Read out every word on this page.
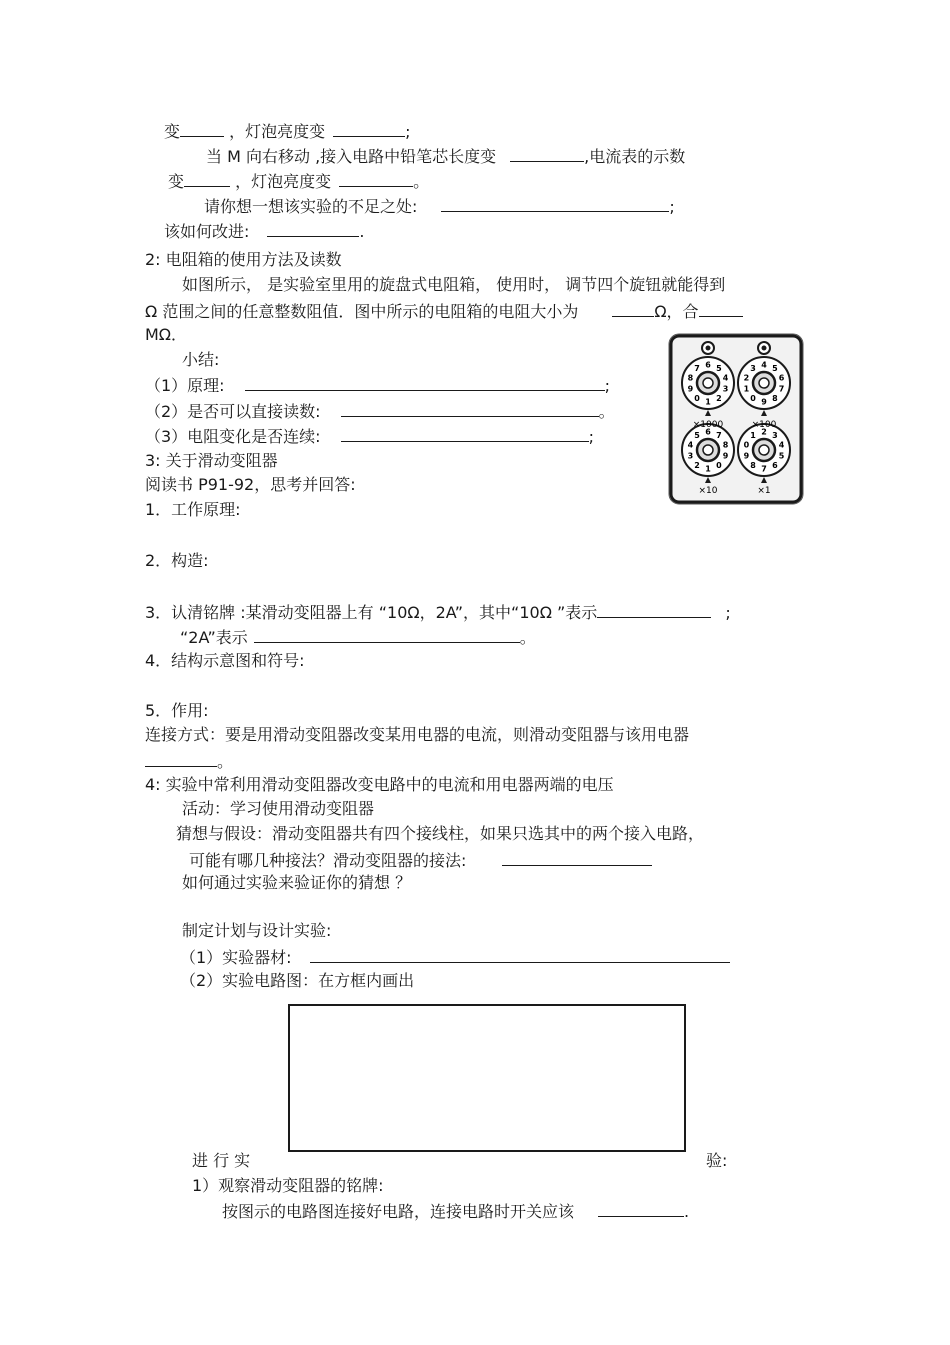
变	，灯泡亮度变	;
当 M 向右移动 ,接入电路中铅笔芯长度变	,电流表的示数
变	，灯泡亮度变	。
请你想一想该实验的不足之处:	;
该如何改进:	.
2: 电阻箱的使用方法及读数
如图所示， 是实验室里用的旋盘式电阻箱， 使用时， 调节四个旋钮就能得到
Ω 范围之间的任意整数阻值．图中所示的电阻箱的电阻大小为	Ω，合
MΩ．
小结:
（1）原理:	;
（2）是否可以直接读数:	。
（3）电阻变化是否连续:	;
3: 关于滑动变阻器
阅读书 P91-92，思考并回答:
1．工作原理:
2．构造:
3．认清铭牌 :某滑动变阻器上有 “10Ω，2A”，其中“10Ω ”表示	;
“2A”表示	。
4．结构示意图和符号:
5．作用:
连接方式：要是用滑动变阻器改变某用电器的电流，则滑动变阻器与该用电器
。
4: 实验中常利用滑动变阻器改变电路中的电流和用电器两端的电压
活动：学习使用滑动变阻器
猜想与假设：滑动变阻器共有四个接线柱，如果只选其中的两个接入电路，
可能有哪几种接法？滑动变阻器的接法:
如何通过实验来验证你的猜想 ？
制定计划与设计实验:
（1）实验器材:
（2）实验电路图：在方框内画出
进 行 实	验:
1）观察滑动变阻器的铭牌:
按图示的电路图连接好电路，连接电路时开关应该	.
6 5
4
3
2
1
0
9
8
7	4 5
6
7
8
9
0
1
2
3
6 7
8
9
0
1
2
3
4
5	2 3
4
5
6
7
8
9
0
1
×1000	×100
×10	×1
